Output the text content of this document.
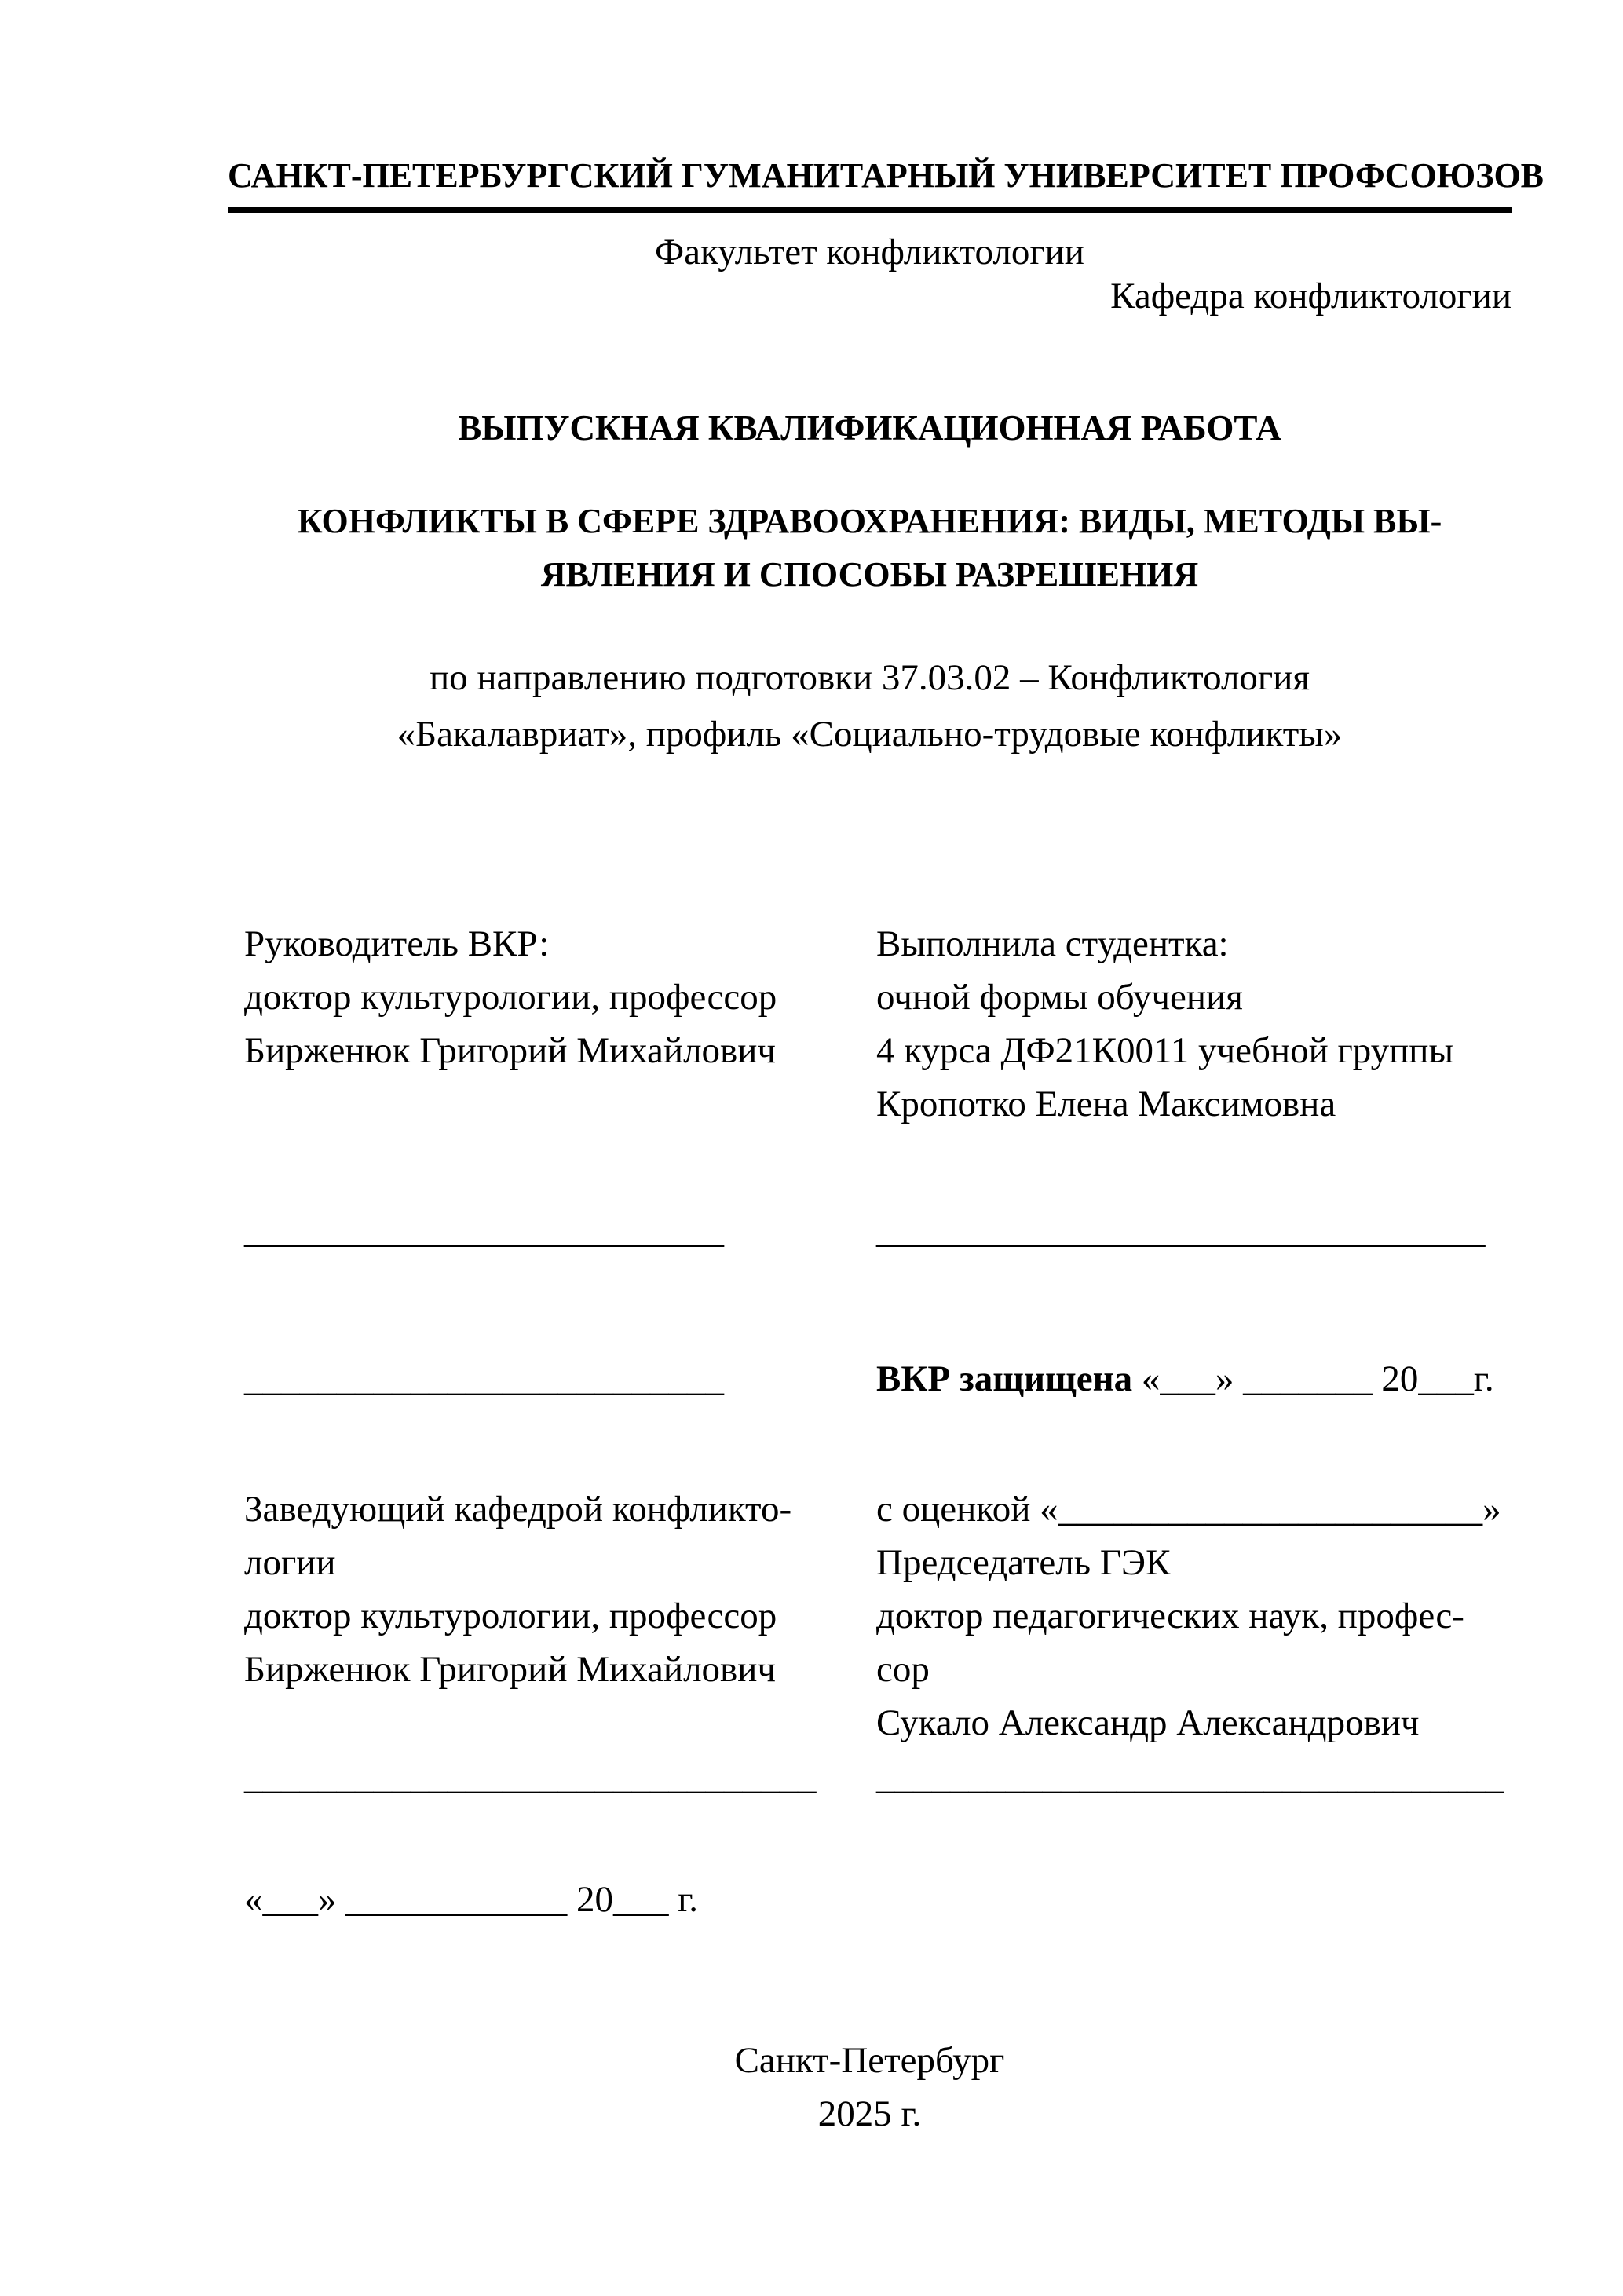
САНКТ-ПЕТЕРБУРГСКИЙ ГУМАНИТАРНЫЙ УНИВЕРСИТЕТ ПРОФСОЮЗОВ
Факультет конфликтологии
Кафедра конфликтологии
ВЫПУСКНАЯ КВАЛИФИКАЦИОННАЯ РАБОТА
КОНФЛИКТЫ В СФЕРЕ ЗДРАВООХРАНЕНИЯ: ВИДЫ, МЕТОДЫ ВЫ-
ЯВЛЕНИЯ И СПОСОБЫ РАЗРЕШЕНИЯ
по направлению подготовки 37.03.02 – Конфликтология
«Бакалавриат», профиль «Социально-трудовые конфликты»
Руководитель ВКР:
доктор культурологии, профессор
Бирженюк Григорий Михайлович
Выполнила студентка:
очной формы обучения
4 курса ДФ21К0011 учебной группы
Кропотко Елена Максимовна
__________________________	_________________________________
__________________________	ВКР защищена «___» _______ 20___г.
Заведующий кафедрой конфликто-
логии
доктор культурологии, профессор
Бирженюк Григорий Михайлович
с оценкой «_______________________»
Председатель ГЭК
доктор педагогических наук, профес-
сор
Сукало Александр Александрович
_______________________________	__________________________________
«___» ____________ 20___ г.
Санкт-Петербург
2025 г.
